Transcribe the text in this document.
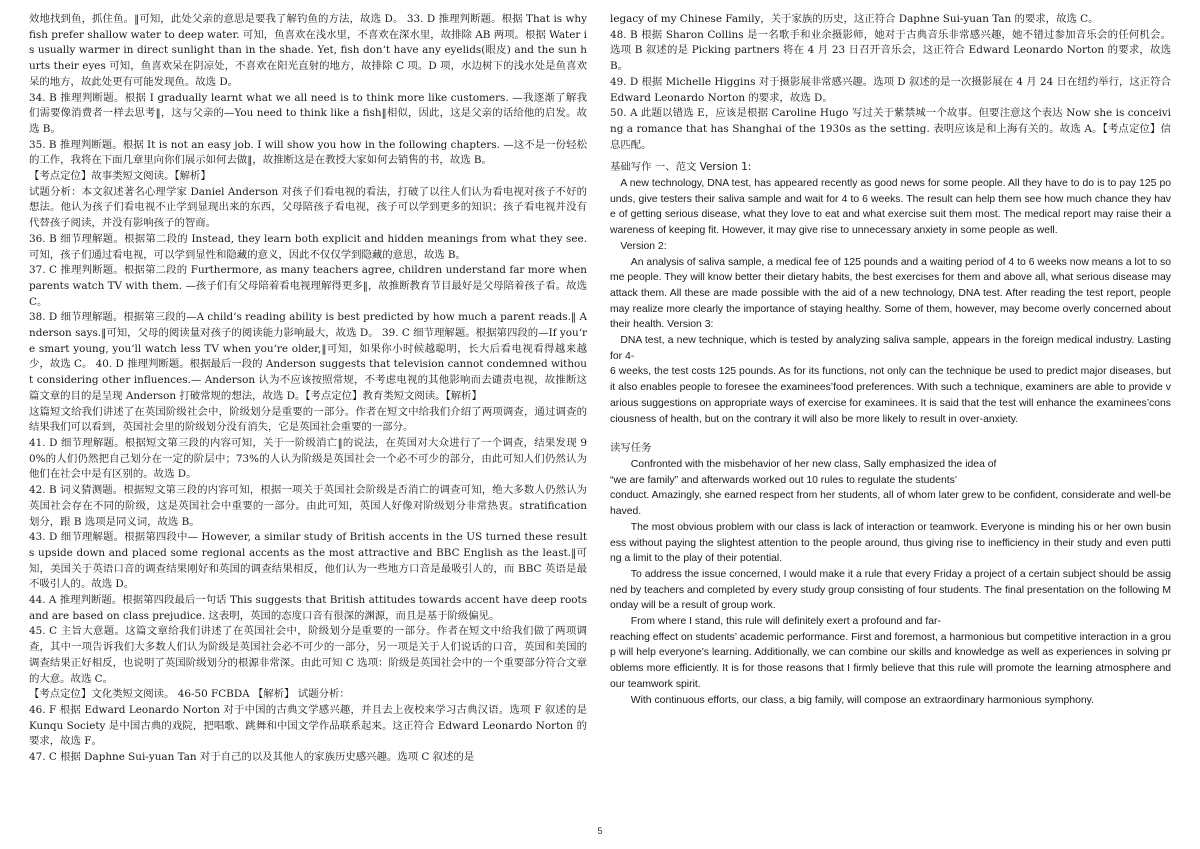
效地找到鱼，抓住鱼。‖可知，此处父亲的意思是要我了解钓鱼的方法，故选 D。 33. D 推理判断题。根据 That is why fish prefer shallow water to deep water. 可知，鱼喜欢在浅水里，不喜欢在深水里，故排除 AB 两项。根据 Water is usually warmer in direct sunlight than in the shade. Yet, fish don‘t have any eyelids(眼皮) and the sun hurts their eyes 可知，鱼喜欢呆在阴凉处，不喜欢在阳光直射的地方，故排除 C 项。D 项，水边树下的浅水处是鱼喜欢呆的地方，故此处更有可能发现鱼。故选 D。

34. B 推理判断题。根据 I gradually learnt what we all need is to think more like customers. —我逐渐了解我们需要像消费者一样去思考‖，这与父亲的—You need to think like a fish‖相似，因此，这是父亲的话给他的启发。故选 B。

35. B 推理判断题。根据 It is not an easy job. I will show you how in the following chapters. —这不是一份轻松的工作，我将在下面几章里向你们展示如何去做‖，故推断这是在教授大家如何去销售的书，故选 B。

【考点定位】故事类短文阅读。【解析】

试题分析：本文叙述著名心理学家 Daniel Anderson 对孩子们看电视的看法，打破了以往人们认为看电视对孩子不好的想法。他认为孩子们看电视不止学到显现出来的东西，父母陪孩子看电视，孩子可以学到更多的知识；孩子看电视并没有代替孩子阅读，并没有影响孩子的智商。

36. B 细节理解题。根据第二段的 Instead, they learn both explicit and hidden meanings from what they see.可知，孩子们通过看电视，可以学到显性和隐藏的意义，因此不仅仅学到隐藏的意思，故选 B。

37. C 推理判断题。根据第二段的 Furthermore, as many teachers agree, children understand far more when parents watch TV with them. —孩子们有父母陪着看电视理解得更多‖，故推断教育节目最好是父母陪着孩子看。故选 C。

38. D 细节理解题。根据第三段的—A child‘s reading ability is best predicted by how much a parent reads.‖ Anderson says.‖可知，父母的阅读量对孩子的阅读能力影响最大，故选 D。 39. C 细节理解题。根据第四段的—If you‘re smart young, you‘ll watch less TV when you‘re older,‖可知，如果你小时候越聪明，长大后看电视看得越来越少，故选 C。 40. D 推理判断题。根据最后一段的 Anderson suggests that television cannot condemned without considering other influences.— Anderson 认为不应该按照常规，不考虑电视的其他影响而去谴责电视，故推断这篇文章的目的是呈现 Anderson 打破常规的想法，故选 D。【考点定位】教育类短文阅读。【解析】

这篇短文给我们讲述了在英国阶级社会中，阶级划分是重要的一部分。作者在短文中给我们介绍了两项调查，通过调查的结果我们可以看到，英国社会里的阶级划分没有消失，它是英国社会重要的一部分。

41. D 细节理解题。根据短文第三段的内容可知，关于一阶级消亡‖的说法，在英国对大众进行了一个调查，结果发现 90%的人们仍然把自己划分在一定的阶层中；73%的人认为阶级是英国社会一个必不可少的部分，由此可知人们仍然认为他们在社会中是有区别的。故选 D。

42. B 词义猜测题。根据短文第三段的内容可知，根据一项关于英国社会阶级是否消亡的调查可知，绝大多数人仍然认为英国社会存在不同的阶级，这是英国社会中重要的一部分。由此可知，英国人好像对阶级划分非常热衷。stratification 划分，跟 B 选项是同义词，故选 B。

43. D 细节理解题。根据第四段中— However, a similar study of British accents in the US turned these results upside down and placed some regional accents as the most attractive and BBC English as the least.‖可知，美国关于英语口音的调查结果刚好和英国的调查结果相反，他们认为一些地方口音是最吸引人的，而 BBC 英语是最不吸引人的。故选 D。

44. A 推理判断题。根据第四段最后一句话 This suggests that British attitudes towards accent have deep roots and are based on class prejudice. 这表明，英国的态度口音有很深的渊源，而且是基于阶级偏见。

45. C 主旨大意题。这篇文章给我们讲述了在英国社会中，阶级划分是重要的一部分。作者在短文中给我们做了两项调查，其中一项告诉我们大多数人们认为阶级是英国社会必不可少的一部分，另一项是关于人们说话的口音，英国和美国的调查结果正好相反，也说明了英国阶级划分的根源非常深。由此可知 C 选项：阶级是英国社会中的一个重要部分符合文章的大意。故选 C。

【考点定位】文化类短文阅读。 46-50 FCBDA 【解析】 试题分析：

46. F 根据 Edward Leonardo Norton 对于中国的古典文学感兴趣，并且去上夜校来学习古典汉语。选项 F 叙述的是 Kunqu Society 是中国古典的戏院，把唱歌、跳舞和中国文学作品联系起来。这正符合 Edward Leonardo Norton 的要求，故选 F。

47. C 根据 Daphne Sui-yuan Tan 对于自己的以及其他人的家族历史感兴趣。选项 C 叙述的是

legacy of my Chinese Family，关于家族的历史，这正符合 Daphne Sui-yuan Tan 的要求，故选 C。

48. B 根据 Sharon Collins 是一名歌手和业余摄影师，她对于古典音乐非常感兴趣，她不错过参加音乐会的任何机会。选项 B 叙述的是 Picking partners 将在 4 月 23 日召开音乐会，这正符合 Edward Leonardo Norton 的要求，故选 B。

49. D 根据 Michelle Higgins 对于摄影展非常感兴趣。选项 D 叙述的是一次摄影展在 4 月 24 日在纽约举行，这正符合 Edward Leonardo Norton 的要求，故选 D。

50. A 此题以错选 E，应该是根据 Caroline Hugo 写过关于紫禁城一个故事。但要注意这个表达 Now she is conceiving a romance that has Shanghai of the 1930s as the setting. 表明应该是和上海有关的。故选 A。【考点定位】信息匹配。

基础写作 一、范文 Version 1:

A new technology, DNA test, has appeared recently as good news for some people. All they have to do is to pay 125 pounds, give testers their saliva sample and wait for 4 to 6 weeks. The result can help them see how much chance they have of getting serious disease, what they love to eat and what exercise suit them most. The medical report may raise their awareness of keeping fit. However, it may give rise to unnecessary anxiety in some people as well.

Version 2:

An analysis of saliva sample, a medical fee of 125 pounds and a waiting period of 4 to 6 weeks now means a lot to some people. They will know better their dietary habits, the best exercises for them and above all, what serious disease may attack them. All these are made possible with the aid of a new technology, DNA test. After reading the test report, people may realize more clearly the importance of staying healthy. Some of them, however, may become overly concerned about their health. Version 3:

DNA test, a new technique, which is tested by analyzing saliva sample, appears in the foreign medical industry. Lasting for 4-

6 weeks, the test costs 125 pounds. As for its functions, not only can the technique be used to predict major diseases, but it also enables people to foresee the examinees’food preferences. With such a technique, examiners are able to provide various suggestions on appropriate ways of exercise for examinees. It is said that the test will enhance the examinees’consciousness of health, but on the contrary it will also be more likely to result in over-anxiety.

读写任务

Confronted with the misbehavior of her new class, Sally emphasized the idea of

“we are family” and afterwards worked out 10 rules to regulate the students’

conduct. Amazingly, she earned respect from her students, all of whom later grew to be confident, considerate and well-behaved.

The most obvious problem with our class is lack of interaction or teamwork. Everyone is minding his or her own business without paying the slightest attention to the people around, thus giving rise to inefficiency in their study and even putting a limit to the play of their potential.

To address the issue concerned, I would make it a rule that every Friday a project of a certain subject should be assigned by teachers and completed by every study group consisting of four students. The final presentation on the following Monday will be a result of group work.

From where I stand, this rule will definitely exert a profound and far-

reaching effect on students’ academic performance. First and foremost, a harmonious but competitive interaction in a group will help everyone’s learning. Additionally, we can combine our skills and knowledge as well as experiences in solving problems more efficiently. It is for those reasons that I firmly believe that this rule will promote the learning atmosphere and our teamwork spirit.

With continuous efforts, our class, a big family, will compose an extraordinary harmonious symphony.

5
